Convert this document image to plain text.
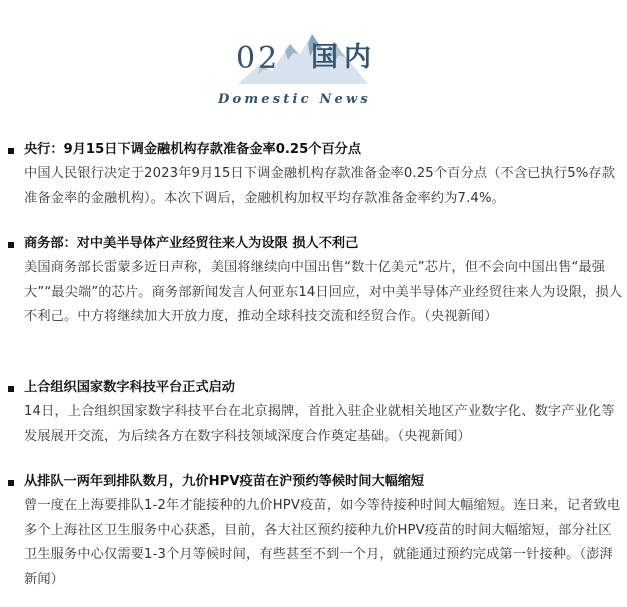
02 国内
Domestic News
央行：9月15日下调金融机构存款准备金率0.25个百分点
中国人民银行决定于2023年9月15日下调金融机构存款准备金率0.25个百分点（不含已执行5%存款准备金率的金融机构）。本次下调后，金融机构加权平均存款准备金率约为7.4%。
商务部：对中美半导体产业经贸往来人为设限 损人不利己
美国商务部长雷蒙多近日声称，美国将继续向中国出售“数十亿美元”芯片，但不会向中国出售“最强大”“最尖端”的芯片。商务部新闻发言人何亚东14日回应，对中美半导体产业经贸往来人为设限，损人不利己。中方将继续加大开放力度，推动全球科技交流和经贸合作。（央视新闻）
上合组织国家数字科技平台正式启动
14日，上合组织国家数字科技平台在北京揭牌，首批入驻企业就相关地区产业数字化、数字产业化等发展展开交流，为后续各方在数字科技领域深度合作奠定基础。（央视新闻）
从排队一两年到排队数月，九价HPV疫苗在沪预约等候时间大幅缩短
曾一度在上海要排队1-2年才能接种的九价HPV疫苗，如今等待接种时间大幅缩短。连日来，记者致电多个上海社区卫生服务中心获悉，目前，各大社区预约接种九价HPV疫苗的时间大幅缩短，部分社区卫生服务中心仅需要1-3个月等候时间，有些甚至不到一个月，就能通过预约完成第一针接种。（澎湃新闻）
